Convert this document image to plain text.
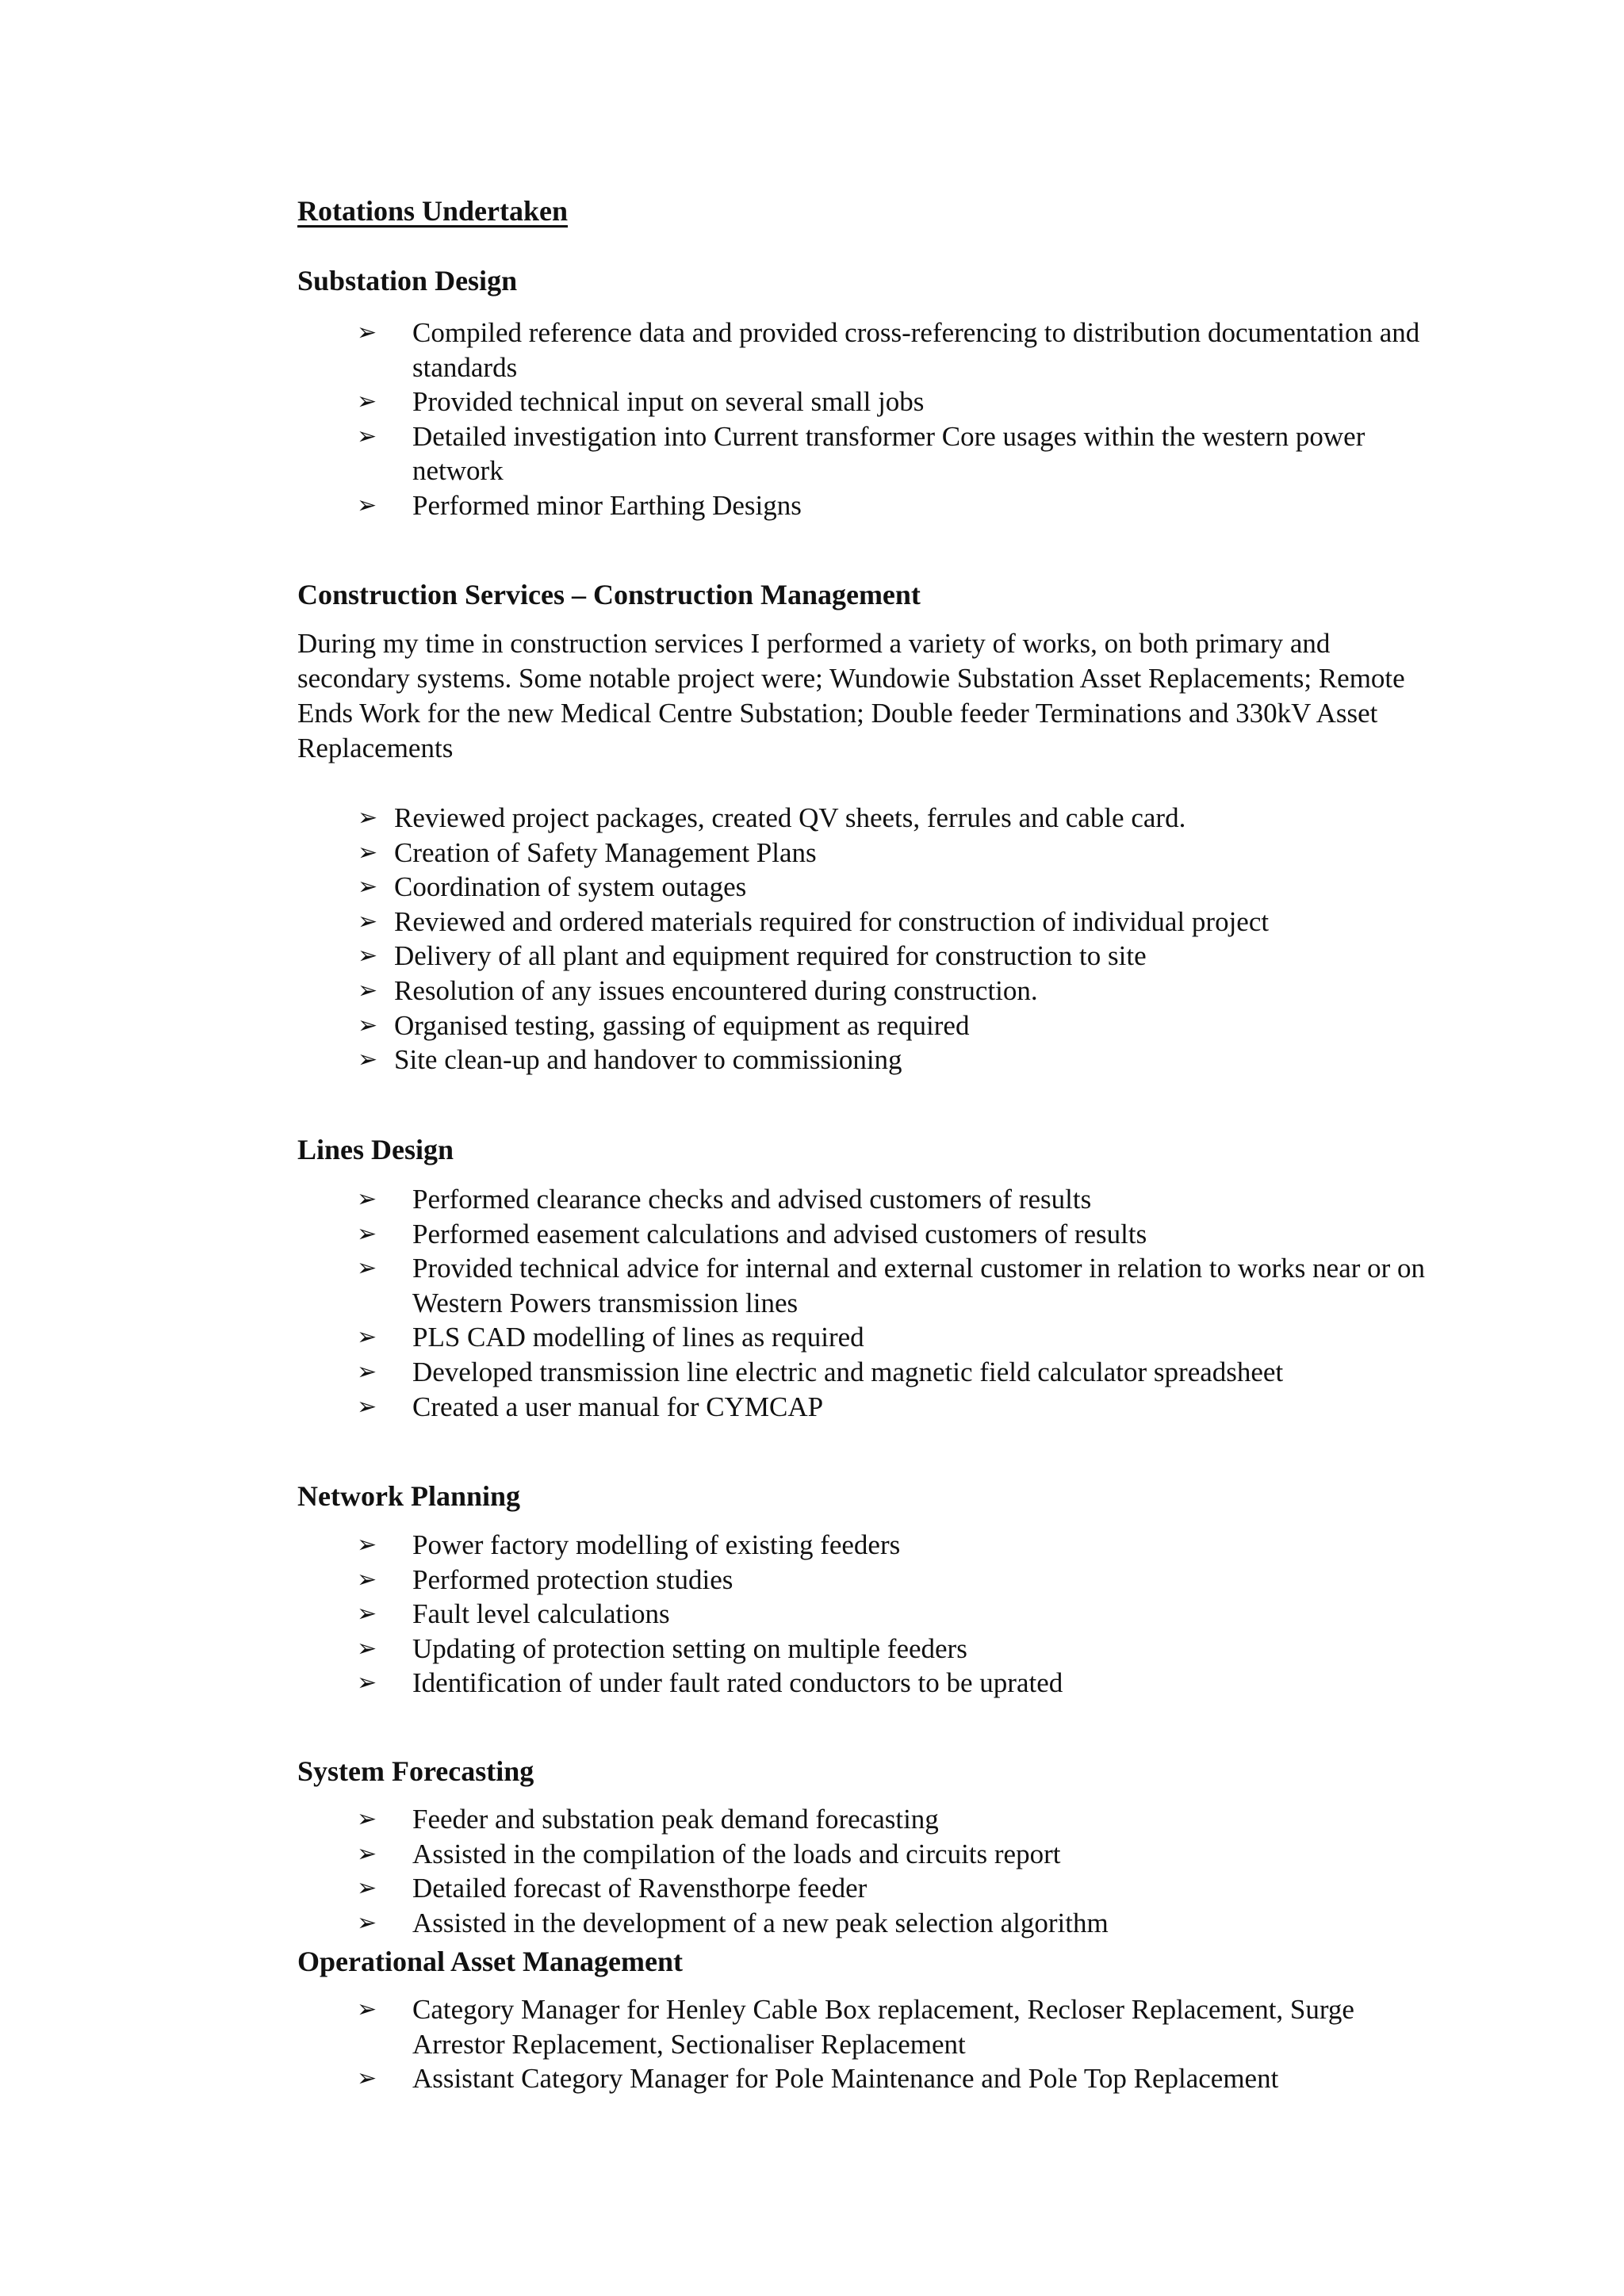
Rotations Undertaken
Substation Design
➢ Compiled reference data and provided cross-referencing to distribution documentation and standards
➢ Provided technical input on several small jobs
➢ Detailed investigation into Current transformer Core usages within the western power network
➢ Performed minor Earthing Designs
Construction Services – Construction Management

During my time in construction services I performed a variety of works, on both primary and secondary systems. Some notable project were; Wundowie Substation Asset Replacements; Remote Ends Work for the new Medical Centre Substation; Double feeder Terminations and 330kV Asset Replacements

➢ Reviewed project packages, created QV sheets, ferrules and cable card.
➢ Creation of Safety Management Plans
➢ Coordination of system outages
➢ Reviewed and ordered materials required for construction of individual project
➢ Delivery of all plant and equipment required for construction to site
➢ Resolution of any issues encountered during construction.
➢ Organised testing, gassing of equipment as required
➢ Site clean-up and handover to commissioning
Lines Design
➢ Performed clearance checks and advised customers of results
➢ Performed easement calculations and advised customers of results
➢ Provided technical advice for internal and external customer in relation to works near or on Western Powers transmission lines
➢ PLS CAD modelling of lines as required
➢ Developed transmission line electric and magnetic field calculator spreadsheet
➢ Created a user manual for CYMCAP
Network Planning
➢ Power factory modelling of existing feeders
➢ Performed protection studies
➢ Fault level calculations
➢ Updating of protection setting on multiple feeders
➢ Identification of under fault rated conductors to be uprated
System Forecasting
➢ Feeder and substation peak demand forecasting
➢ Assisted in the compilation of the loads and circuits report
➢ Detailed forecast of Ravensthorpe feeder
➢ Assisted in the development of a new peak selection algorithm
Operational Asset Management
➢ Category Manager for Henley Cable Box replacement, Recloser Replacement, Surge Arrestor Replacement, Sectionaliser Replacement
➢ Assistant Category Manager for Pole Maintenance and Pole Top Replacement
